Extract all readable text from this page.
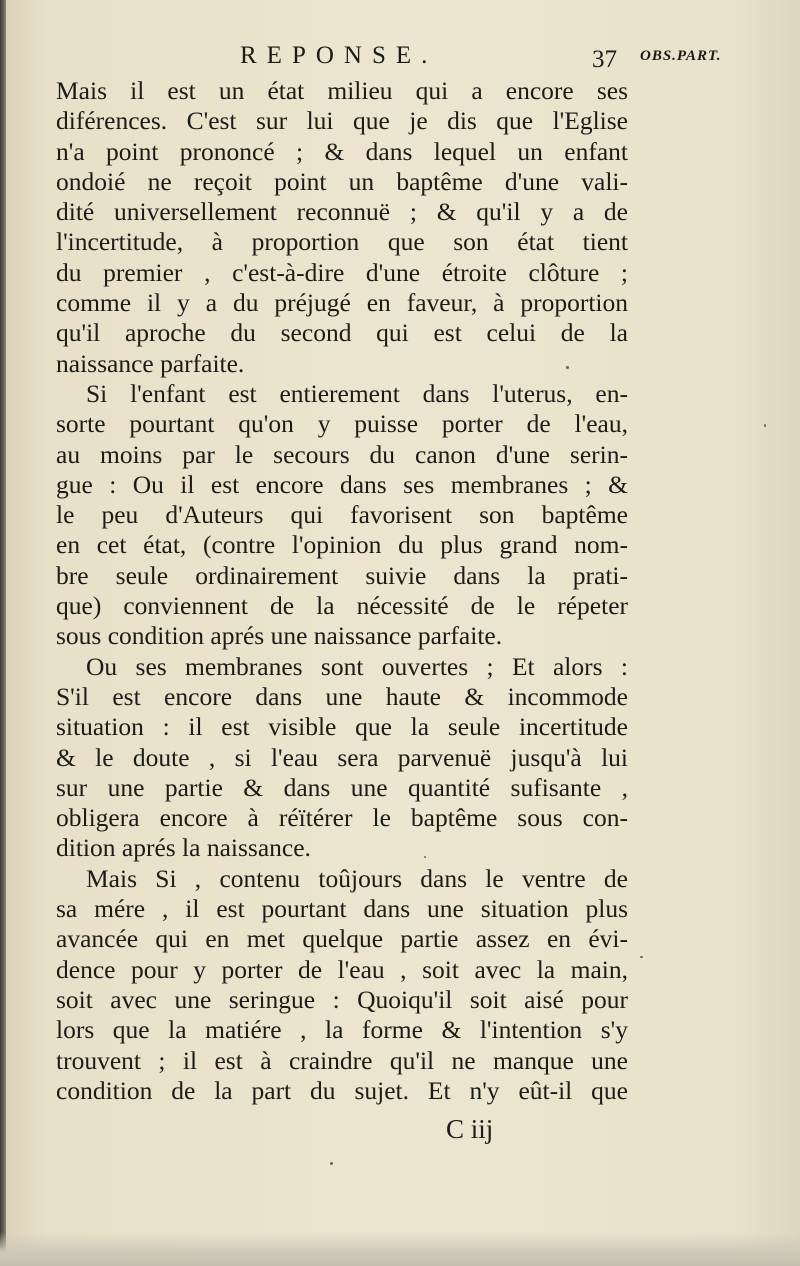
REPONSE.	37 OBS.PART.
Mais il est un état milieu qui a encore ses
diférences. C'est sur lui que je dis que l'Eglise
n'a point prononcé ; & dans lequel un enfant
ondoié ne reçoit point un baptême d'une vali-
dité universellement reconnuë ; & qu'il y a de
l'incertitude, à proportion que son état tient
du premier , c'est-à-dire d'une étroite clôture ;
comme il y a du préjugé en faveur, à proportion
qu'il aproche du second qui est celui de la
naissance parfaite.
Si l'enfant est entierement dans l'uterus, en-
sorte pourtant qu'on y puisse porter de l'eau,
au moins par le secours du canon d'une serin-
gue : Ou il est encore dans ses membranes ; &
le peu d'Auteurs qui favorisent son baptême
en cet état, (contre l'opinion du plus grand nom-
bre seule ordinairement suivie dans la prati-
que) conviennent de la nécessité de le répeter
sous condition aprés une naissance parfaite.
Ou ses membranes sont ouvertes ; Et alors :
S'il est encore dans une haute & incommode
situation : il est visible que la seule incertitude
& le doute , si l'eau sera parvenuë jusqu'à lui
sur une partie & dans une quantité sufisante ,
obligera encore à réïtérer le baptême sous con-
dition aprés la naissance.
Mais Si , contenu toûjours dans le ventre de
sa mére , il est pourtant dans une situation plus
avancée qui en met quelque partie assez en évi-
dence pour y porter de l'eau , soit avec la main,
soit avec une seringue : Quoiqu'il soit aisé pour
lors que la matiére , la forme & l'intention s'y
trouvent ; il est à craindre qu'il ne manque une
condition de la part du sujet. Et n'y eût-il que
C iij
